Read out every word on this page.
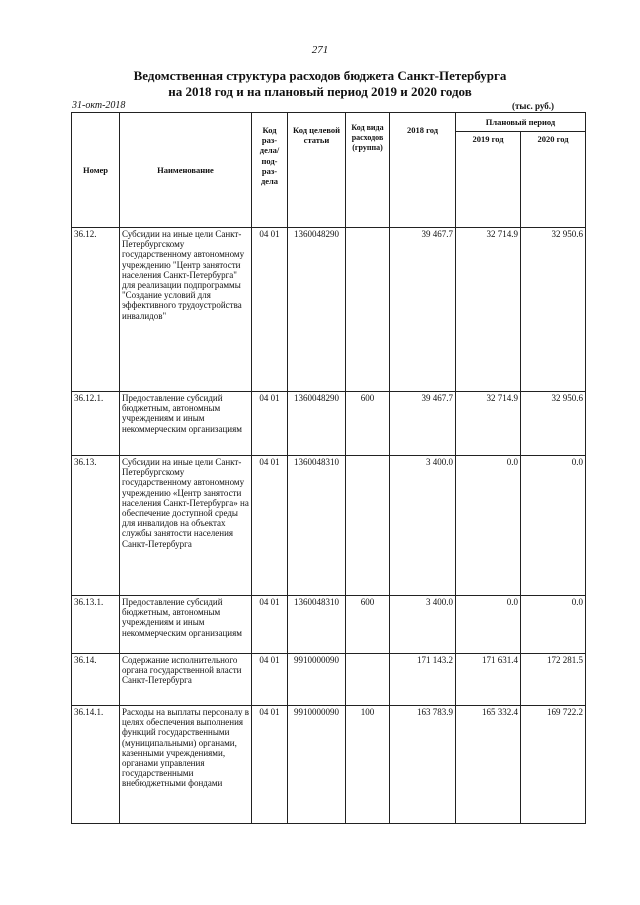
271
Ведомственная структура расходов бюджета Санкт-Петербурга
на 2018 год и на плановый период 2019 и 2020 годов
31-окт-2018	(тыс. руб.)
Номер	Наименование	Код раз-дела/ под-раз-дела	Код целевой статьи	Код вида расходов (группа)	2018 год	Плановый период	
						2019 год	2020 год
36.12.	Субсидии на иные цели Санкт-Петербургскому государственному автономному учреждению "Центр занятости населения Санкт-Петербурга" для реализации подпрограммы "Создание условий для эффективного трудоустройства инвалидов"	04 01	1360048290		39 467.7	32 714.9	32 950.6
36.12.1.	Предоставление субсидий бюджетным, автономным учреждениям и иным некоммерческим организациям	04 01	1360048290	600	39 467.7	32 714.9	32 950.6
36.13.	Субсидии на иные цели Санкт-Петербургскому государственному автономному учреждению «Центр занятости населения Санкт-Петербурга» на обеспечение доступной среды для инвалидов на объектах службы занятости населения Санкт-Петербурга	04 01	1360048310		3 400.0	0.0	0.0
36.13.1.	Предоставление субсидий бюджетным, автономным учреждениям и иным некоммерческим организациям	04 01	1360048310	600	3 400.0	0.0	0.0
36.14.	Содержание исполнительного органа государственной власти Санкт-Петербурга	04 01	9910000090		171 143.2	171 631.4	172 281.5
36.14.1.	Расходы на выплаты персоналу в целях обеспечения выполнения функций государственными (муниципальными) органами, казенными учреждениями, органами управления государственными внебюджетными фондами	04 01	9910000090	100	163 783.9	165 332.4	169 722.2
